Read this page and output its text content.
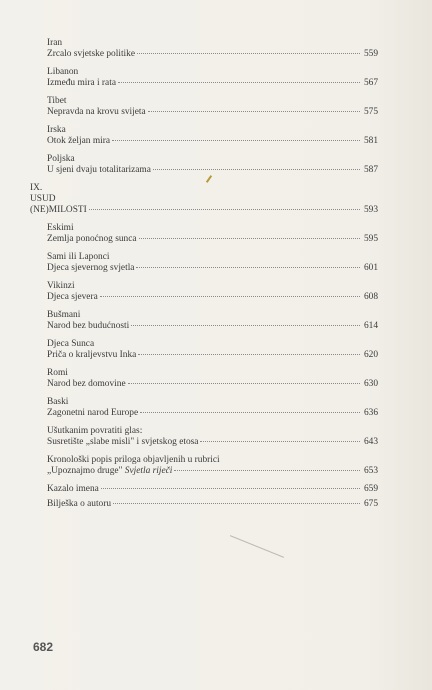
Iran
Zrcalo svjetske politike	559
Libanon
Između mira i rata	567
Tibet
Nepravda na krovu svijeta	575
Irska
Otok željan mira	581
Poljska
U sjeni dvaju totalitarizama	587
IX.
USUD
(NE)MILOSTI	593
Eskimi
Zemlja ponoćnog sunca	595
Sami ili Laponci
Djeca sjevernog svjetla	601
Vikinzi
Djeca sjevera	608
Bušmani
Narod bez budućnosti	614
Djeca Sunca
Priča o kraljevstvu Inka	620
Romi
Narod bez domovine	630
Baski
Zagonetni narod Europe	636
Ušutkanim povratiti glas:
Susretište „slabe misli" i svjetskog etosa	643
Kronološki popis priloga objavljenih u rubrici
„Upoznajmo druge" Svjetla riječi	653
Kazalo imena	659
Bilješka o autoru	675
682
